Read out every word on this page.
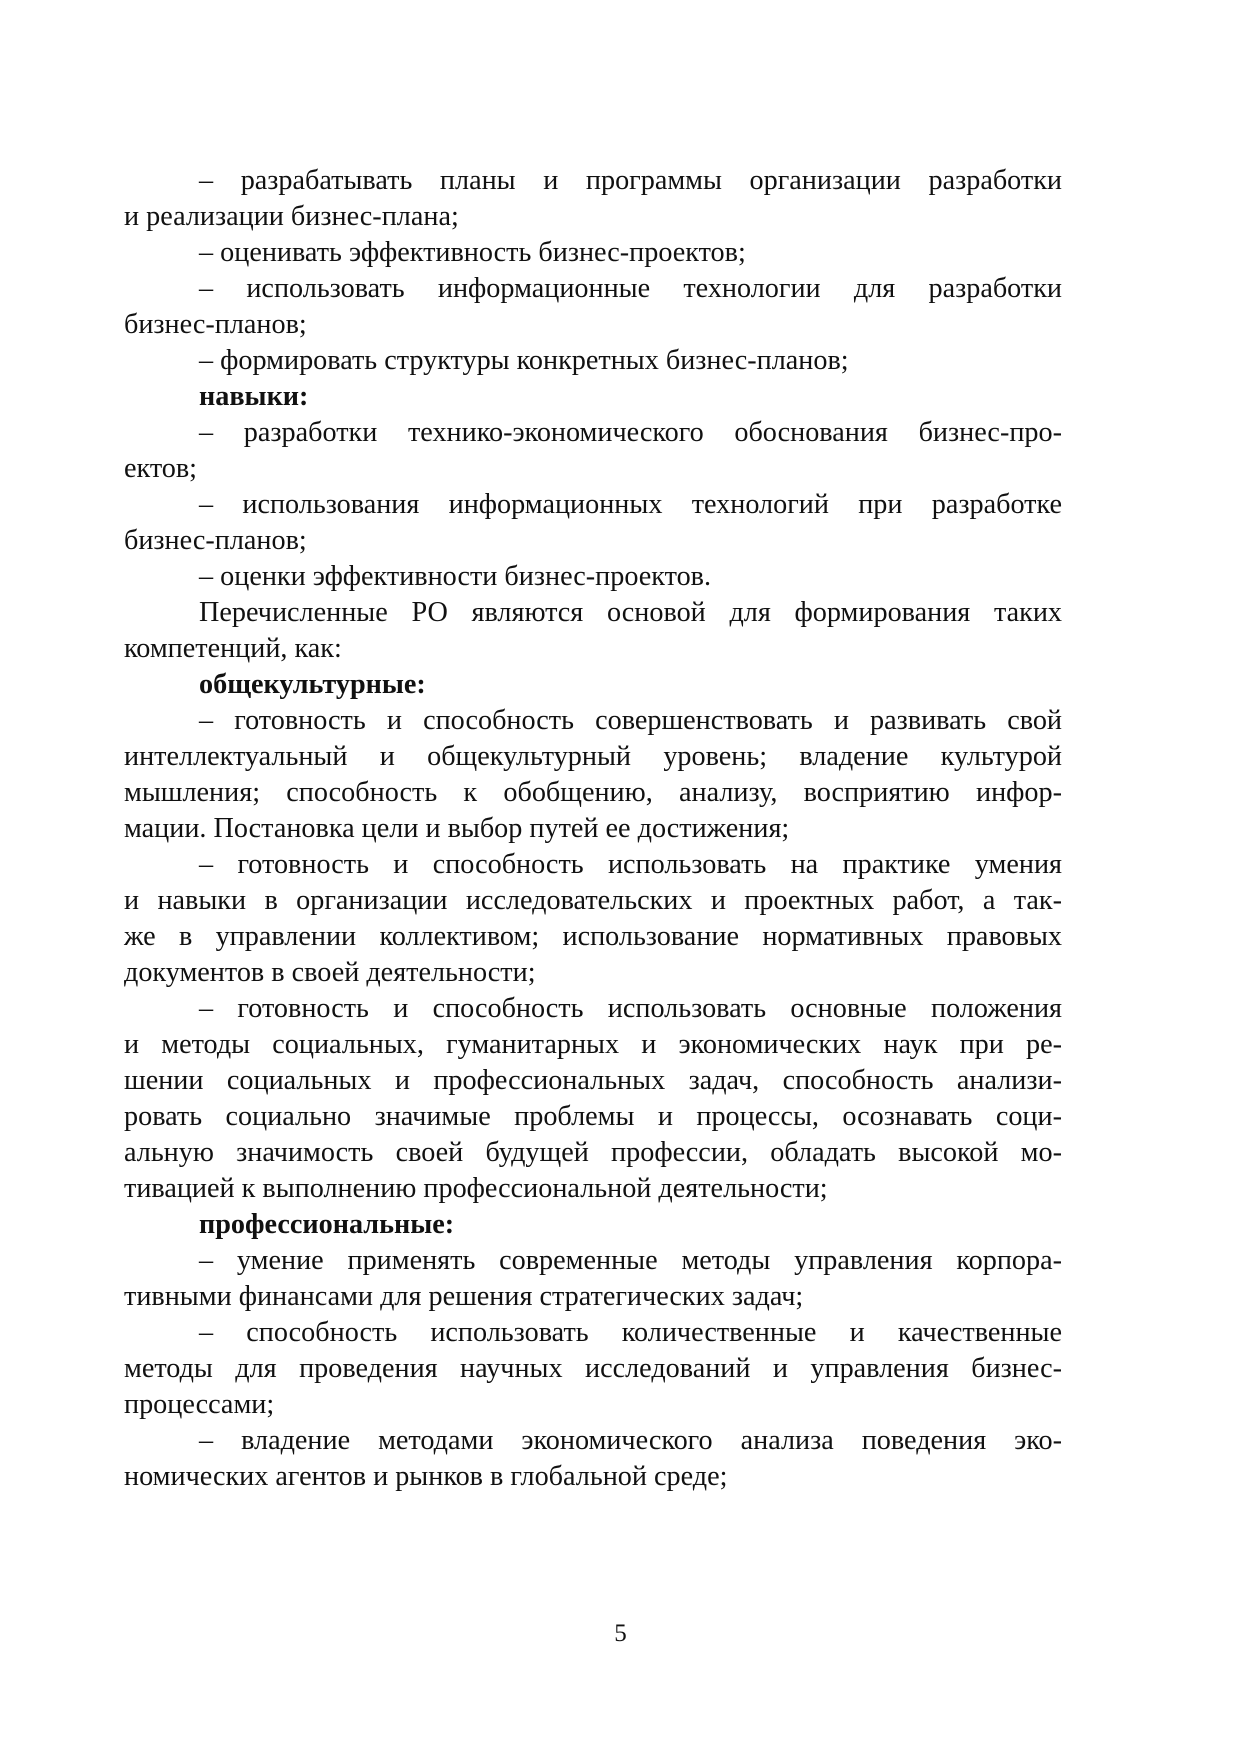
– разрабатывать планы и программы организации разработки
и реализации бизнес-плана;
– оценивать эффективность бизнес-проектов;
– использовать информационные технологии для разработки
бизнес-планов;
– формировать структуры конкретных бизнес-планов;
навыки:
– разработки технико-экономического обоснования бизнес-про-
ектов;
– использования информационных технологий при разработке
бизнес-планов;
– оценки эффективности бизнес-проектов.
Перечисленные РО являются основой для формирования таких
компетенций, как:
общекультурные:
– готовность и способность совершенствовать и развивать свой
интеллектуальный и общекультурный уровень; владение культурой
мышления; способность к обобщению, анализу, восприятию инфор-
мации. Постановка цели и выбор путей ее достижения;
– готовность и способность использовать на практике умения
и навыки в организации исследовательских и проектных работ, а так-
же в управлении коллективом; использование нормативных правовых
документов в своей деятельности;
– готовность и способность использовать основные положения
и методы социальных, гуманитарных и экономических наук при ре-
шении социальных и профессиональных задач, способность анализи-
ровать социально значимые проблемы и процессы, осознавать соци-
альную значимость своей будущей профессии, обладать высокой мо-
тивацией к выполнению профессиональной деятельности;
профессиональные:
– умение применять современные методы управления корпора-
тивными финансами для решения стратегических задач;
– способность использовать количественные и качественные
методы для проведения научных исследований и управления бизнес-
процессами;
– владение методами экономического анализа поведения эко-
номических агентов и рынков в глобальной среде;
5
